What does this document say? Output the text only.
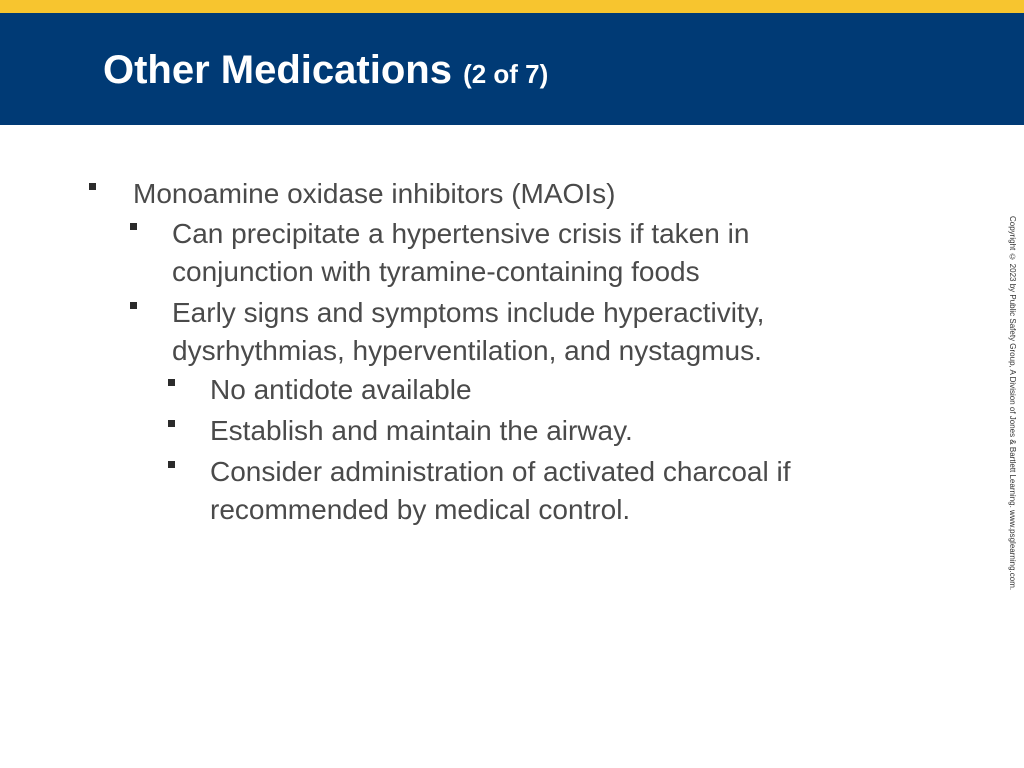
Other Medications (2 of 7)
Monoamine oxidase inhibitors (MAOIs)
Can precipitate a hypertensive crisis if taken in conjunction with tyramine-containing foods
Early signs and symptoms include hyperactivity, dysrhythmias, hyperventilation, and nystagmus.
No antidote available
Establish and maintain the airway.
Consider administration of activated charcoal if recommended by medical control.	Copyright © 2023 by Public Safety Group, A Division of Jones & Bartlett Learning. www.psglearning.com.
